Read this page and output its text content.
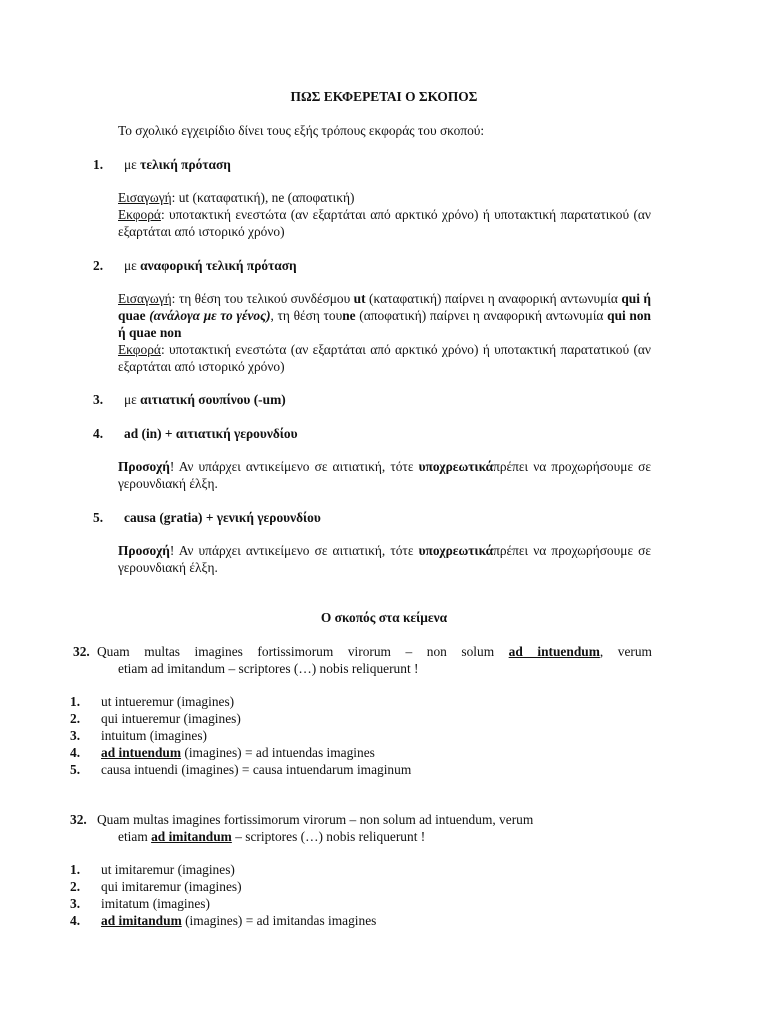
ΠΩΣ ΕΚΦΕΡΕΤΑΙ Ο ΣΚΟΠΟΣ
Το σχολικό εγχειρίδιο δίνει τους εξής τρόπους εκφοράς του σκοπού:
1. με τελική πρόταση
Εισαγωγή: ut (καταφατική), ne (αποφατική)
Εκφορά: υποτακτική ενεστώτα (αν εξαρτάται από αρκτικό χρόνο) ή υποτακτική παρατατικού (αν εξαρτάται από ιστορικό χρόνο)
2. με αναφορική τελική πρόταση
Εισαγωγή: τη θέση του τελικού συνδέσμου ut (καταφατική) παίρνει η αναφορική αντωνυμία qui ή quae (ανάλογα με το γένος), τη θέση τουne (αποφατική) παίρνει η αναφορική αντωνυμία qui non ή quae non
Εκφορά: υποτακτική ενεστώτα (αν εξαρτάται από αρκτικό χρόνο) ή υποτακτική παρατατικού (αν εξαρτάται από ιστορικό χρόνο)
3. με αιτιατική σουπίνου (-um)
4. ad (in) + αιτιατική γερουνδίου
Προσοχή! Αν υπάρχει αντικείμενο σε αιτιατική, τότε υποχρεωτικάπρέπει να προχωρήσουμε σε γερουνδιακή έλξη.
5. causa (gratia) + γενική γερουνδίου
Προσοχή! Αν υπάρχει αντικείμενο σε αιτιατική, τότε υποχρεωτικάπρέπει να προχωρήσουμε σε γερουνδιακή έλξη.
Ο σκοπός στα κείμενα
32. Quam multas imagines fortissimorum virorum – non solum ad intuendum, verum
etiam ad imitandum – scriptores (…) nobis reliquerunt !
1. ut intueremur (imagines)
2. qui intueremur (imagines)
3. intuitum (imagines)
4. ad intuendum (imagines) = ad intuendas imagines
5. causa intuendi (imagines) = causa intuendarum imaginum
32. Quam multas imagines fortissimorum virorum – non solum ad intuendum, verum
etiam ad imitandum – scriptores (…) nobis reliquerunt !
1. ut imitaremur (imagines)
2. qui imitaremur (imagines)
3. imitatum (imagines)
4. ad imitandum (imagines) = ad imitandas imagines
